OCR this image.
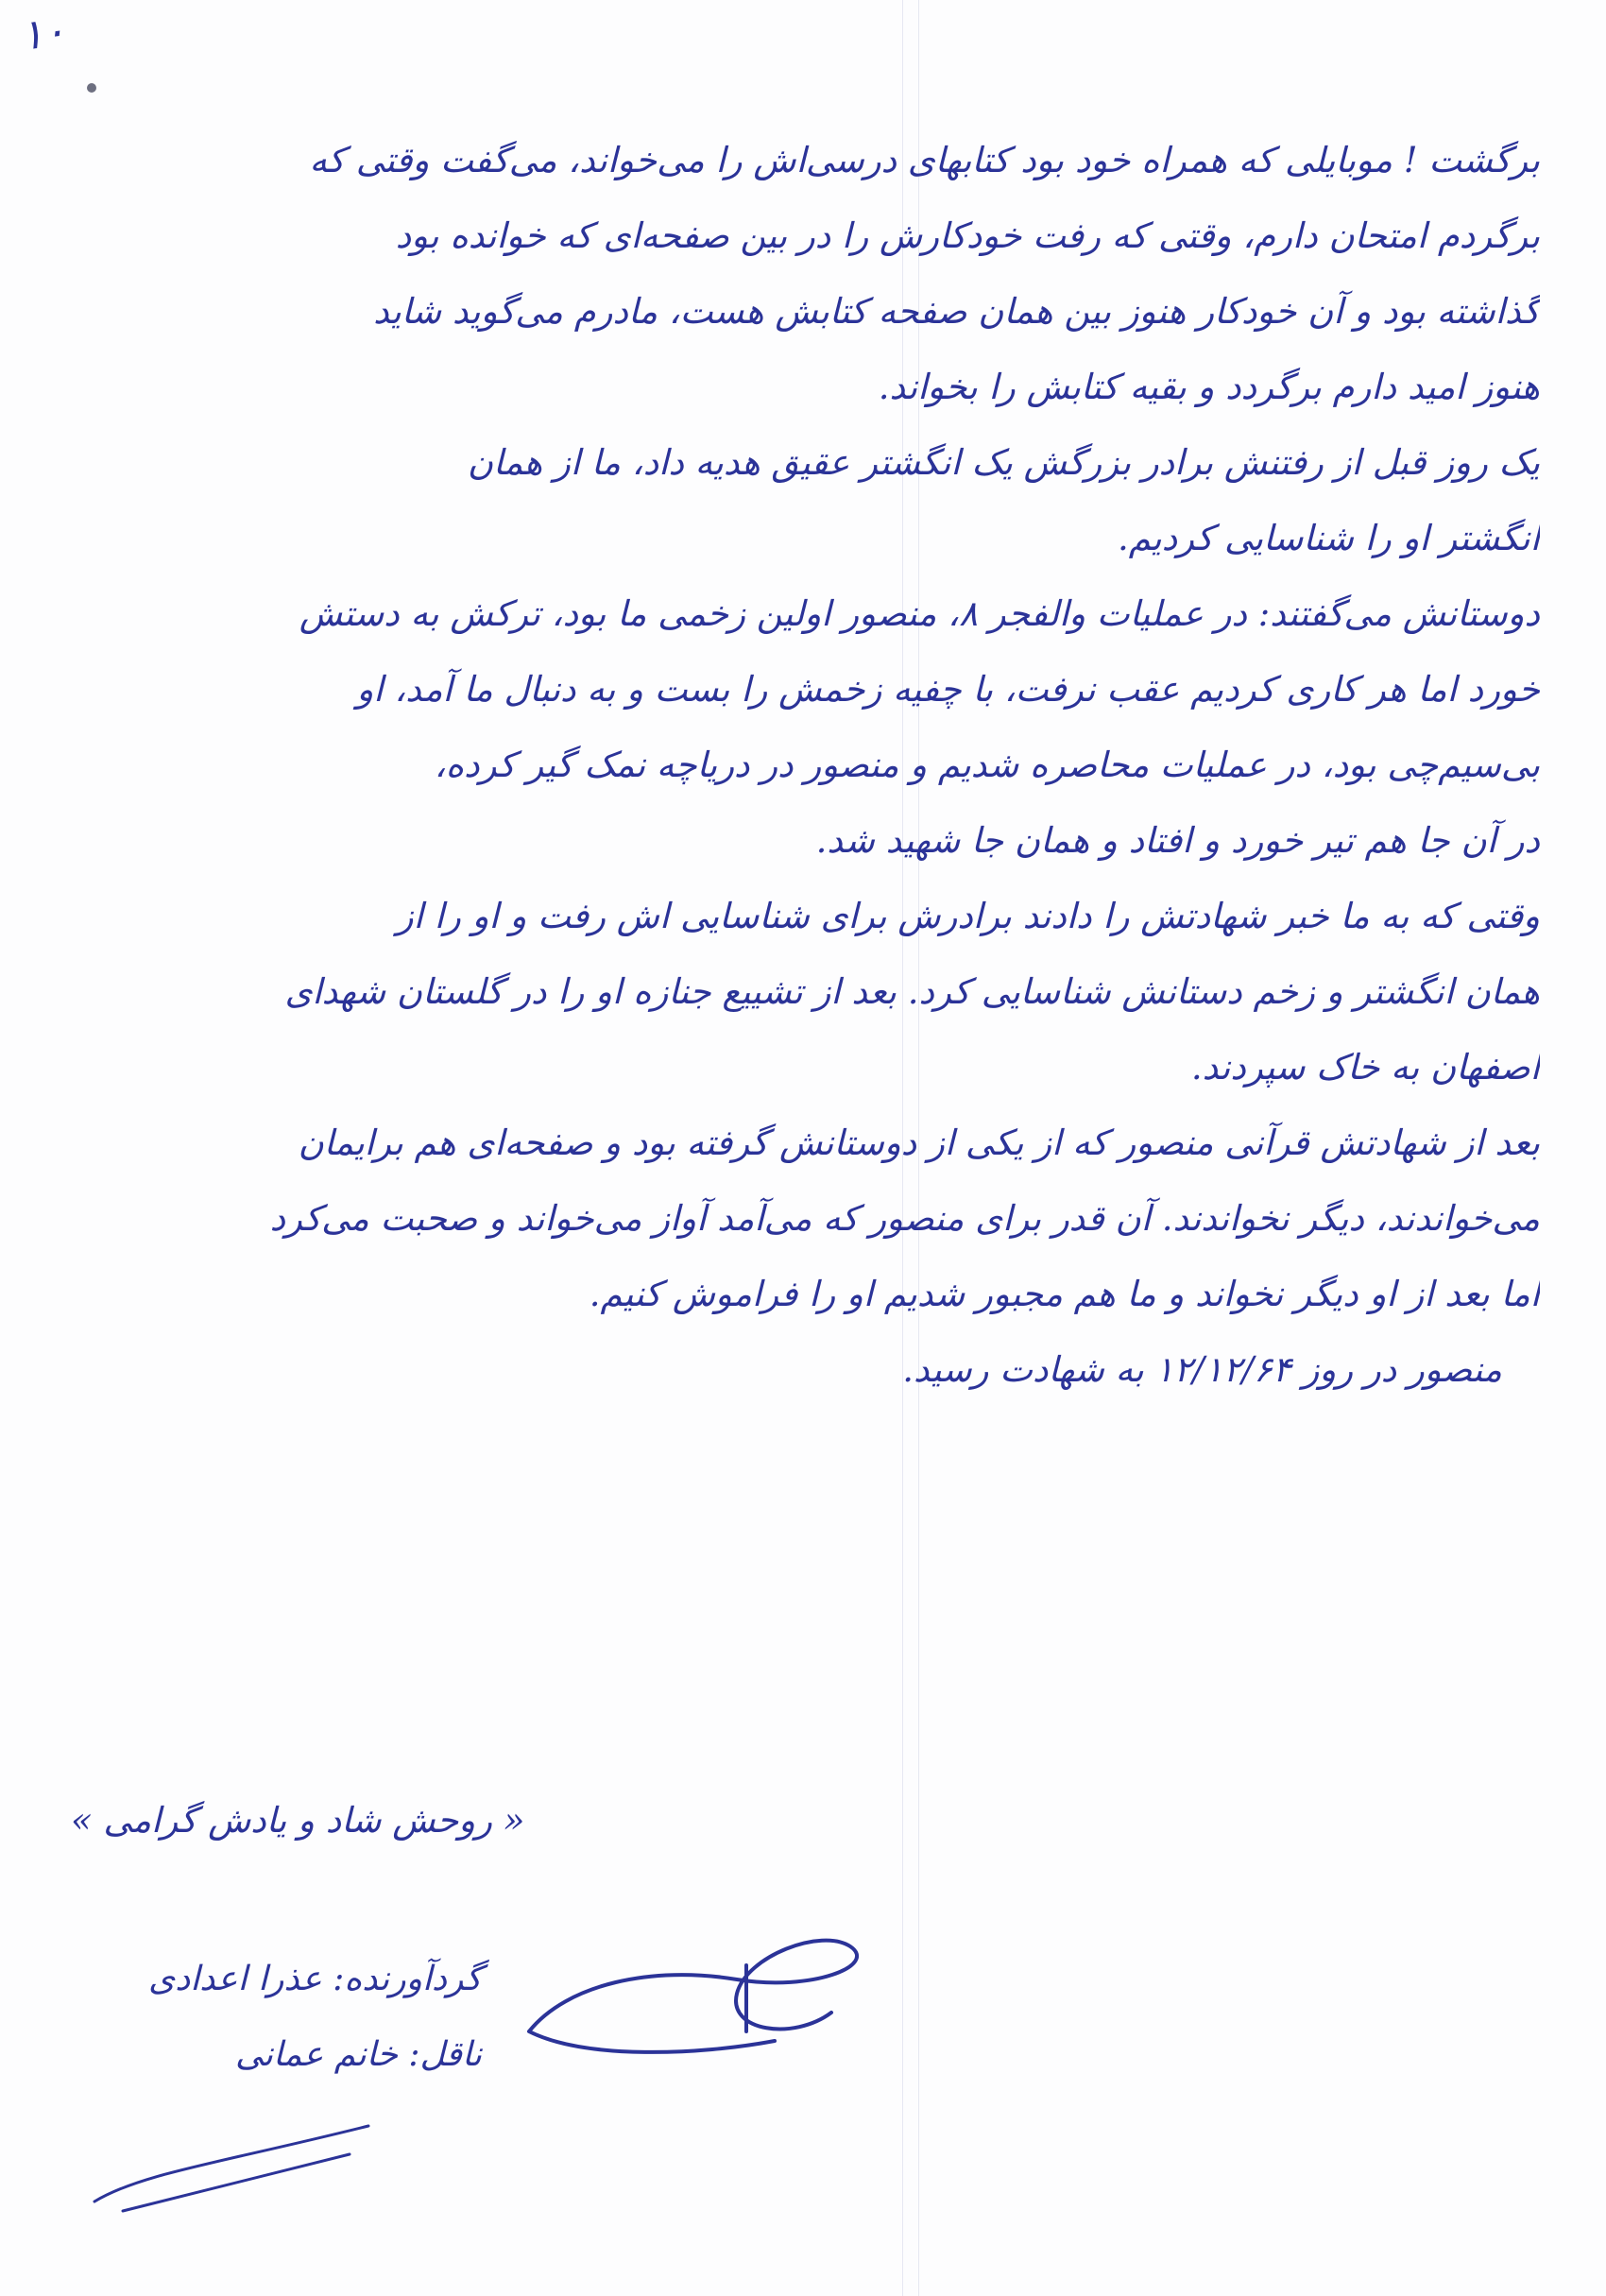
۱۰
برگشت ! موبایلی که همراه خود بود کتابهای درسی‌اش را می‌خواند، می‌گفت وقتی که
برگردم امتحان دارم، وقتی که رفت خودکارش را در بین صفحه‌ای که خوانده بود
گذاشته بود و آن خودکار هنوز بین همان صفحه کتابش هست، مادرم می‌گوید شاید
هنوز امید دارم برگردد و بقیه کتابش را بخواند.
یک روز قبل از رفتنش برادر بزرگش یک انگشتر عقیق هدیه داد، ما از همان
انگشتر او را شناسایی کردیم.
دوستانش می‌گفتند: در عملیات والفجر ۸، منصور اولین زخمی ما بود، ترکش به دستش
خورد اما هر کاری کردیم عقب نرفت، با چفیه زخمش را بست و به دنبال ما آمد، او
بی‌سیم‌چی بود، در عملیات محاصره شدیم و منصور در دریاچه نمک گیر کرده،
در آن جا هم تیر خورد و افتاد و همان جا شهید شد.
وقتی که به ما خبر شهادتش را دادند برادرش برای شناسایی اش رفت و او را از
همان انگشتر و زخم دستانش شناسایی کرد. بعد از تشییع جنازه او را در گلستان شهدای
اصفهان به خاک سپردند.
بعد از شهادتش قرآنی منصور که از یکی از دوستانش گرفته بود و صفحه‌ای هم برایمان
می‌خواندند، دیگر نخواندند. آن قدر برای منصور که می‌آمد آواز می‌خواند و صحبت می‌کرد
اما بعد از او دیگر نخواند و ما هم مجبور شدیم او را فراموش کنیم.
منصور در روز ۱۲/۱۲/۶۴ به شهادت رسید.
« روحش شاد و یادش گرامی »
گردآورنده: عذرا اعدادی
ناقل: خانم عمانی
